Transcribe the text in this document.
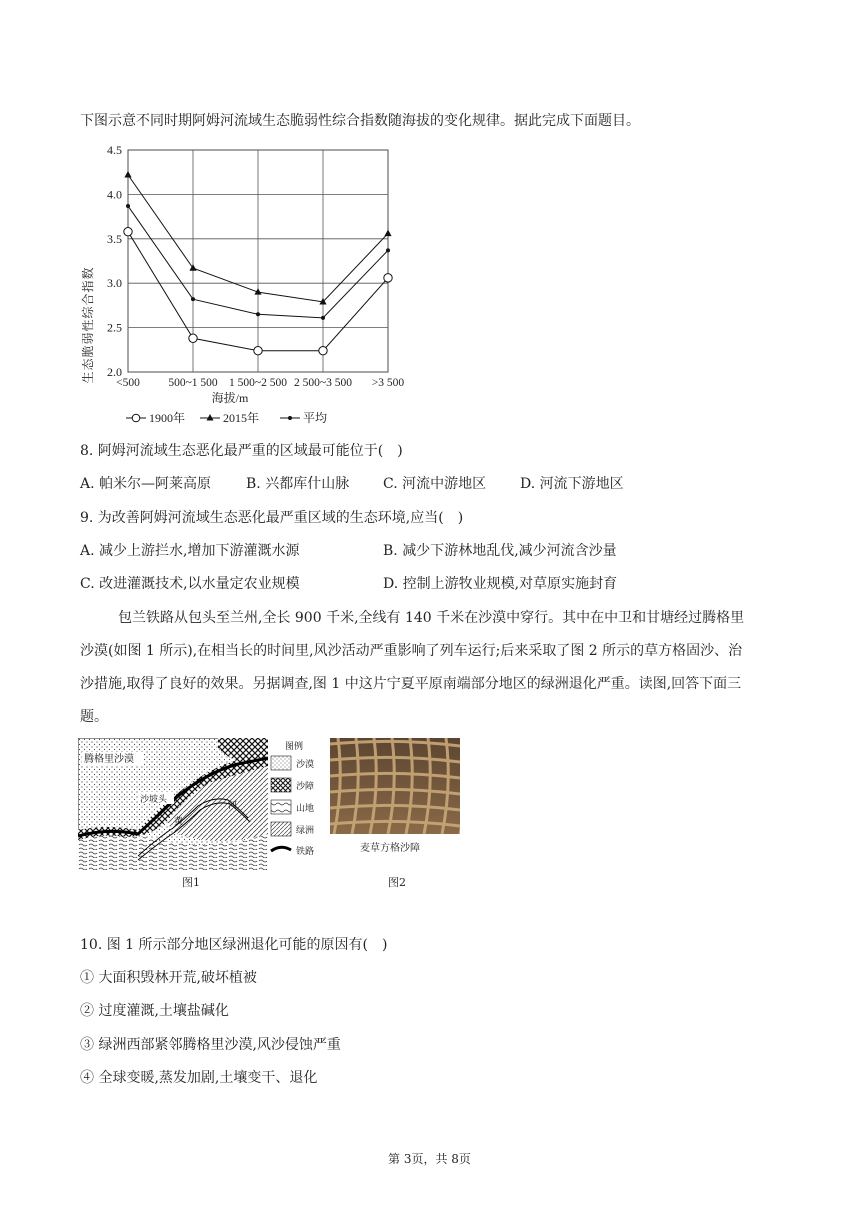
下图示意不同时期阿姆河流域生态脆弱性综合指数随海拔的变化规律。据此完成下面题目。
2.0
2.5
3.0
3.5
4.0
4.5
<500 500~1 500 1 500~2 500 2 500~3 500 >3 500
生态脆弱性综合指数
海拔/m
1900年	2015年	平均
8. 阿姆河流域生态恶化最严重的区域最可能位于(　)
A. 帕米尔—阿莱高原 B. 兴都库什山脉 C. 河流中游地区 D. 河流下游地区
9. 为改善阿姆河流域生态恶化最严重区域的生态环境,应当(　)
A. 减少上游拦水,增加下游灌溉水源	B. 减少下游林地乱伐,减少河流含沙量
C. 改进灌溉技术,以水量定农业规模	D. 控制上游牧业规模,对草原实施封育
包兰铁路从包头至兰州,全长 900 千米,全线有 140 千米在沙漠中穿行。其中在中卫和甘塘经过腾格里
沙漠(如图 1 所示),在相当长的时间里,风沙活动严重影响了列车运行;后来采取了图 2 所示的草方格固沙、治
沙措施,取得了良好的效果。另据调查,图 1 中这片宁夏平原南端部分地区的绿洲退化严重。读图,回答下面三
题。
腾格里沙漠
沙坡头
黄
河
图例
沙漠
沙障
山地
绿洲
铁路	麦草方格沙障
图1	图2
10. 图 1 所示部分地区绿洲退化可能的原因有(　)
① 大面积毁林开荒,破坏植被
② 过度灌溉,土壤盐碱化
③ 绿洲西部紧邻腾格里沙漠,风沙侵蚀严重
④ 全球变暖,蒸发加剧,土壤变干、退化
第 3页，共 8页
